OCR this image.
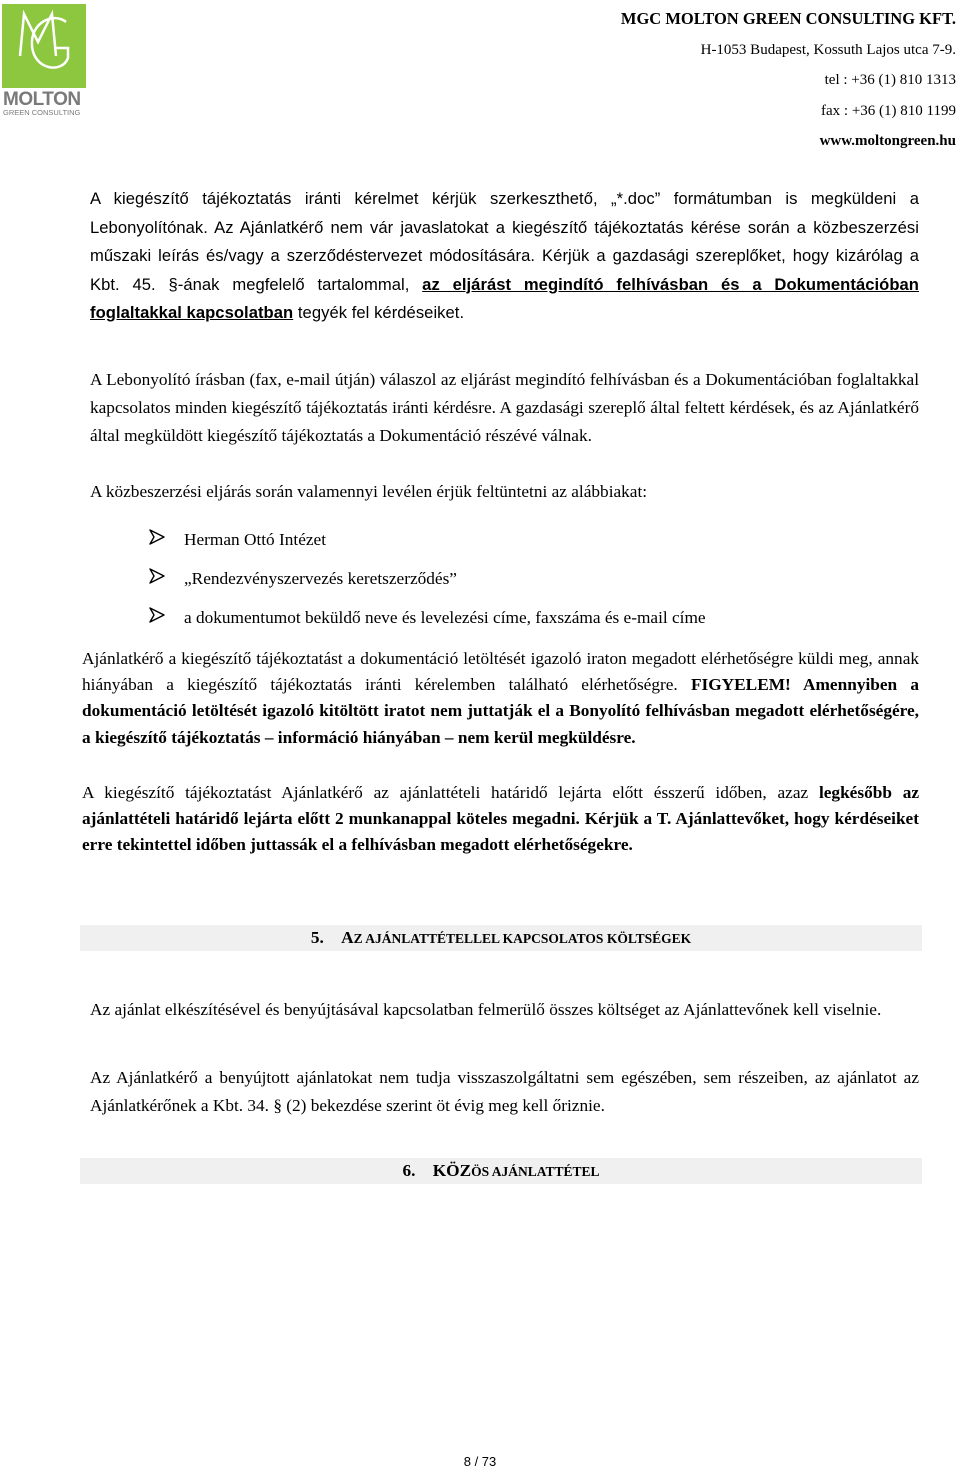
MOLTON
GREEN CONSULTING
MGC MOLTON GREEN CONSULTING KFT.
H-1053 Budapest, Kossuth Lajos utca 7-9.
tel : +36 (1) 810 1313
fax : +36 (1) 810 1199
www.moltongreen.hu

A kiegészítő tájékoztatás iránti kérelmet kérjük szerkeszthető, „*.doc” formátumban is megküldeni a Lebonyolítónak. Az Ajánlatkérő nem vár javaslatokat a kiegészítő tájékoztatás kérése során a közbeszerzési műszaki leírás és/vagy a szerződéstervezet módosítására. Kérjük a gazdasági szereplőket, hogy kizárólag a Kbt. 45. §-ának megfelelő tartalommal, az eljárást megindító felhívásban és a Dokumentációban foglaltakkal kapcsolatban tegyék fel kérdéseiket.

A Lebonyolító írásban (fax, e-mail útján) válaszol az eljárást megindító felhívásban és a Dokumentációban foglaltakkal kapcsolatos minden kiegészítő tájékoztatás iránti kérdésre. A gazdasági szereplő által feltett kérdések, és az Ajánlatkérő által megküldött kiegészítő tájékoztatás a Dokumentáció részévé válnak.

A közbeszerzési eljárás során valamennyi levélen érjük feltüntetni az alábbiakat:

Herman Ottó Intézet
„Rendezvényszervezés keretszerződés”
a dokumentumot beküldő neve és levelezési címe, faxszáma és e-mail címe

Ajánlatkérő a kiegészítő tájékoztatást a dokumentáció letöltését igazoló iraton megadott elérhetőségre küldi meg, annak hiányában a kiegészítő tájékoztatás iránti kérelemben található elérhetőségre. FIGYELEM! Amennyiben a dokumentáció letöltését igazoló kitöltött iratot nem juttatják el a Bonyolító felhívásban megadott elérhetőségére, a kiegészítő tájékoztatás – információ hiányában – nem kerül megküldésre.

A kiegészítő tájékoztatást Ajánlatkérő az ajánlattételi határidő lejárta előtt ésszerű időben, azaz legkésőbb az ajánlattételi határidő lejárta előtt 2 munkanappal köteles megadni. Kérjük a T. Ajánlattevőket, hogy kérdéseiket erre tekintettel időben juttassák el a felhívásban megadott elérhetőségekre.

5. AZ AJÁNLATTÉTELLEL KAPCSOLATOS KÖLTSÉGEK

Az ajánlat elkészítésével és benyújtásával kapcsolatban felmerülő összes költséget az Ajánlattevőnek kell viselnie.

Az Ajánlatkérő a benyújtott ajánlatokat nem tudja visszaszolgáltatni sem egészében, sem részeiben, az ajánlatot az Ajánlatkérőnek a Kbt. 34. § (2) bekezdése szerint öt évig meg kell őriznie.

6. KÖZÖS AJÁNLATTÉTEL
8 / 73
